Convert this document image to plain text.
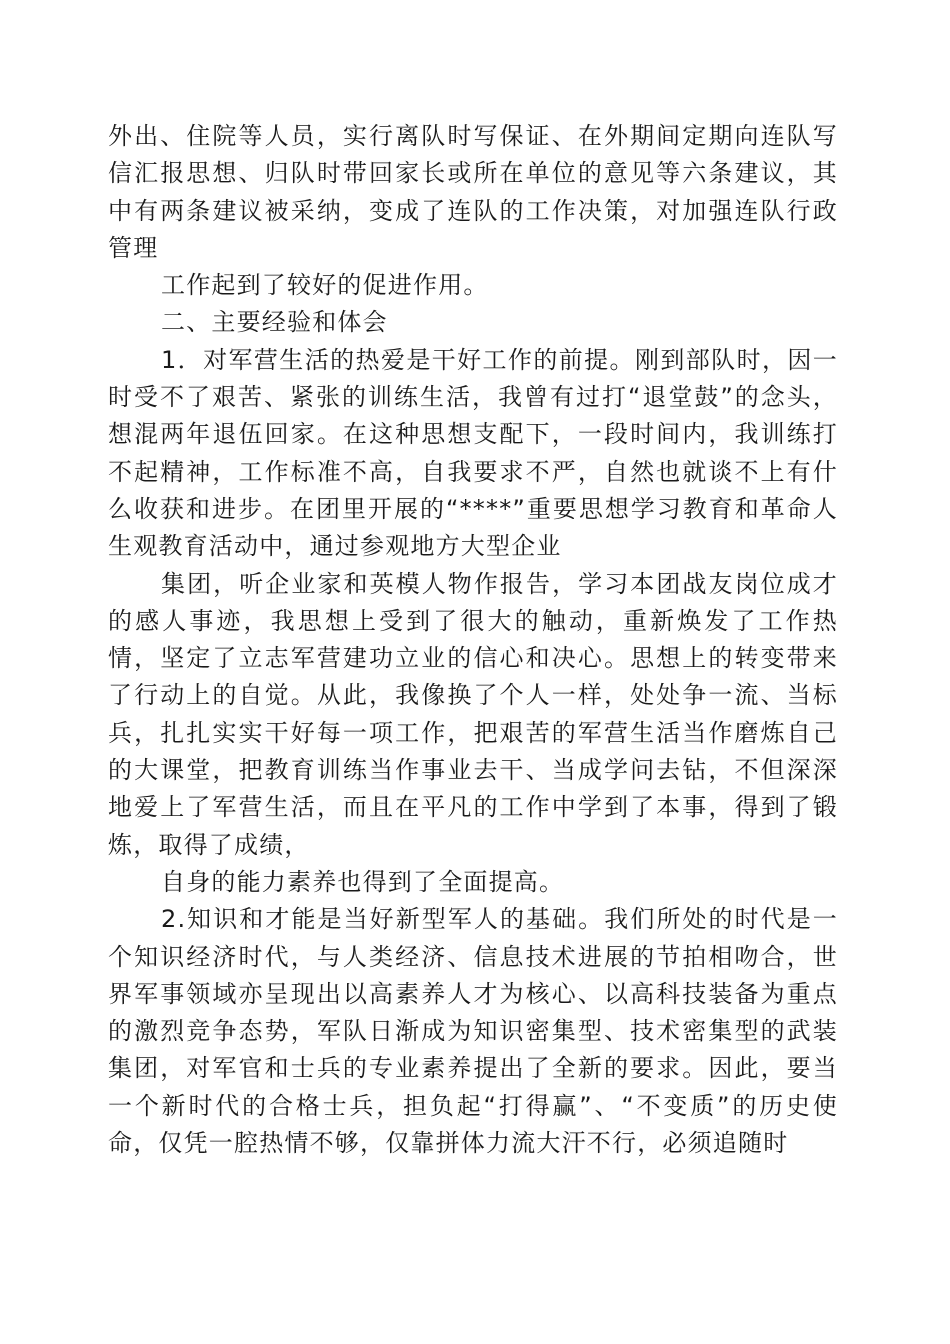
外出、住院等人员，实行离队时写保证、在外期间定期向连队写信汇报思想、归队时带回家长或所在单位的意见等六条建议，其中有两条建议被采纳，变成了连队的工作决策，对加强连队行政管理

工作起到了较好的促进作用。

二、主要经验和体会

1．对军营生活的热爱是干好工作的前提。刚到部队时，因一时受不了艰苦、紧张的训练生活，我曾有过打“退堂鼓”的念头，想混两年退伍回家。在这种思想支配下，一段时间内，我训练打不起精神，工作标准不高，自我要求不严，自然也就谈不上有什么收获和进步。在团里开展的“****”重要思想学习教育和革命人生观教育活动中，通过参观地方大型企业

集团，听企业家和英模人物作报告，学习本团战友岗位成才的感人事迹，我思想上受到了很大的触动，重新焕发了工作热情，坚定了立志军营建功立业的信心和决心。思想上的转变带来了行动上的自觉。从此，我像换了个人一样，处处争一流、当标兵，扎扎实实干好每一项工作，把艰苦的军营生活当作磨炼自己的大课堂，把教育训练当作事业去干、当成学问去钻，不但深深地爱上了军营生活，而且在平凡的工作中学到了本事，得到了锻炼，取得了成绩，

自身的能力素养也得到了全面提高。

2.知识和才能是当好新型军人的基础。我们所处的时代是一个知识经济时代，与人类经济、信息技术进展的节拍相吻合，世界军事领域亦呈现出以高素养人才为核心、以高科技装备为重点的激烈竞争态势，军队日渐成为知识密集型、技术密集型的武装集团，对军官和士兵的专业素养提出了全新的要求。因此，要当一个新时代的合格士兵，担负起“打得赢”、“不变质”的历史使命，仅凭一腔热情不够，仅靠拼体力流大汗不行，必须追随时
